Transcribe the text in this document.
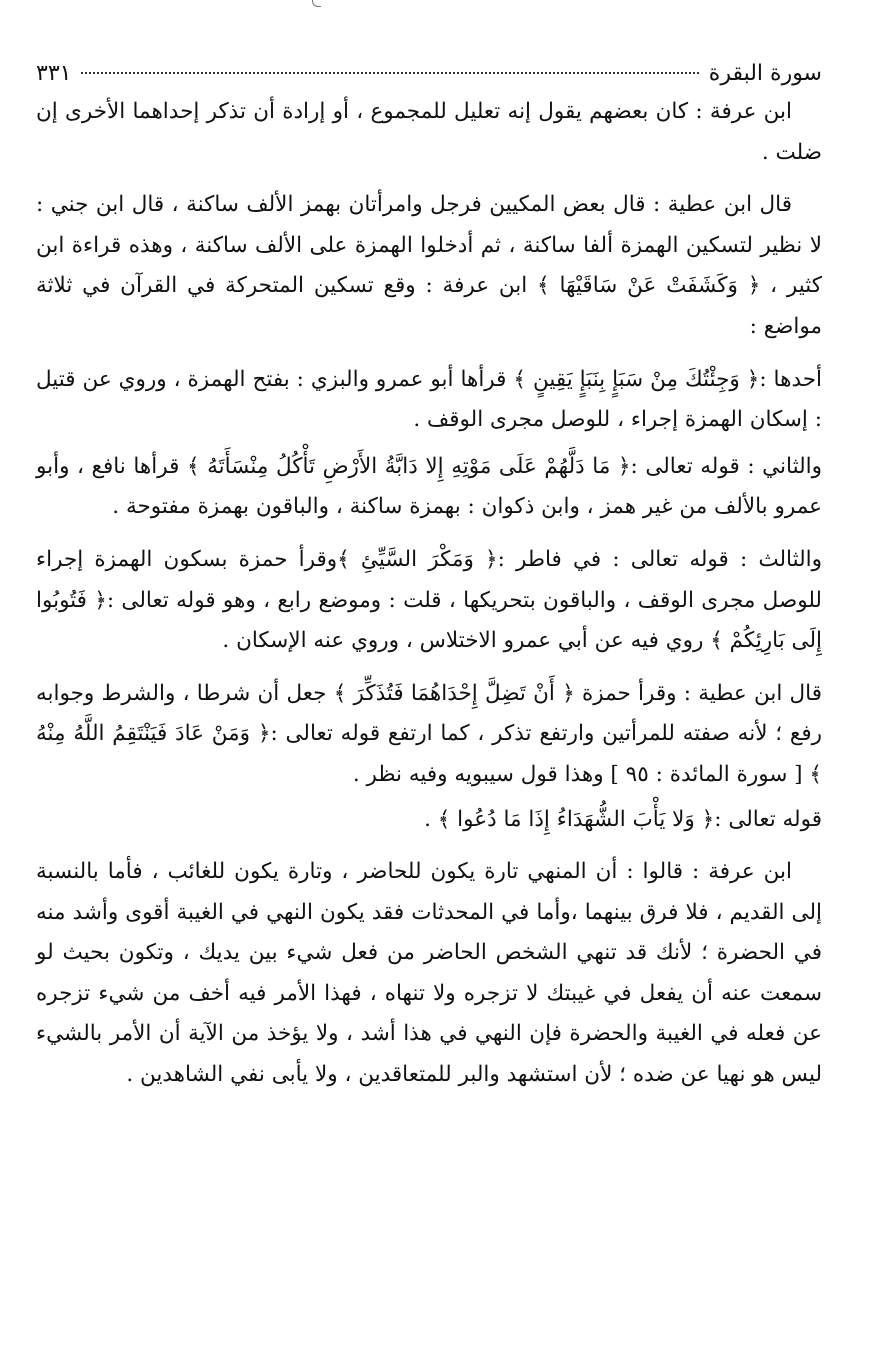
سورة البقرة
٣٣١

ابن عرفة : كان بعضهم يقول إنه تعليل للمجموع ، أو إرادة أن تذكر إحداهما الأخرى إن ضلت .

قال ابن عطية : قال بعض المكيين فرجل وامرأتان بهمز الألف ساكنة ، قال ابن جني : لا نظير لتسكين الهمزة ألفا ساكنة ، ثم أدخلوا الهمزة على الألف ساكنة ، وهذه قراءة ابن كثير ، ﴿ وَكَشَفَتْ عَنْ سَاقَيْهَا ﴾ ابن عرفة : وقع تسكين المتحركة في القرآن في ثلاثة مواضع :

أحدها :﴿ وَجِئْتُكَ مِنْ سَبَإٍ بِنَبَإٍ يَقِينٍ ﴾ قرأها أبو عمرو والبزي : بفتح الهمزة ، وروي عن قتيل : إسكان الهمزة إجراء ، للوصل مجرى الوقف .

والثاني : قوله تعالى :﴿ مَا دَلَّهُمْ عَلَى مَوْتِهِ إِلا دَابَّةُ الأَرْضِ تَأْكُلُ مِنْسَأَتَهُ ﴾ قرأها نافع ، وأبو عمرو بالألف من غير همز ، وابن ذكوان : بهمزة ساكنة ، والباقون بهمزة مفتوحة .

والثالث : قوله تعالى : في فاطر :﴿ وَمَكْرَ السَّيِّئِ ﴾وقرأ حمزة بسكون الهمزة إجراء للوصل مجرى الوقف ، والباقون بتحريكها ، قلت : وموضع رابع ، وهو قوله تعالى :﴿ فَتُوبُوا إِلَى بَارِئِكُمْ ﴾ روي فيه عن أبي عمرو الاختلاس ، وروي عنه الإسكان .

قال ابن عطية : وقرأ حمزة ﴿ أَنْ تَضِلَّ إِحْدَاهُمَا فَتُذَكِّرَ ﴾ جعل أن شرطا ، والشرط وجوابه رفع ؛ لأنه صفته للمرأتين وارتفع تذكر ، كما ارتفع قوله تعالى :﴿ وَمَنْ عَادَ فَيَنْتَقِمُ اللَّهُ مِنْهُ ﴾ [ سورة المائدة : ٩٥ ] وهذا قول سيبويه وفيه نظر .

قوله تعالى :﴿ وَلا يَأْبَ الشُّهَدَاءُ إِذَا مَا دُعُوا ﴾ .

ابن عرفة : قالوا : أن المنهي تارة يكون للحاضر ، وتارة يكون للغائب ، فأما بالنسبة إلى القديم ، فلا فرق بينهما ،وأما في المحدثات فقد يكون النهي في الغيبة أقوى وأشد منه في الحضرة ؛ لأنك قد تنهي الشخص الحاضر من فعل شيء بين يديك ، وتكون بحيث لو سمعت عنه أن يفعل في غيبتك لا تزجره ولا تنهاه ، فهذا الأمر فيه أخف من شيء تزجره عن فعله في الغيبة والحضرة فإن النهي في هذا أشد ، ولا يؤخذ من الآية أن الأمر بالشيء ليس هو نهيا عن ضده ؛ لأن استشهد والبر للمتعاقدين ، ولا يأبى نفي الشاهدين .
